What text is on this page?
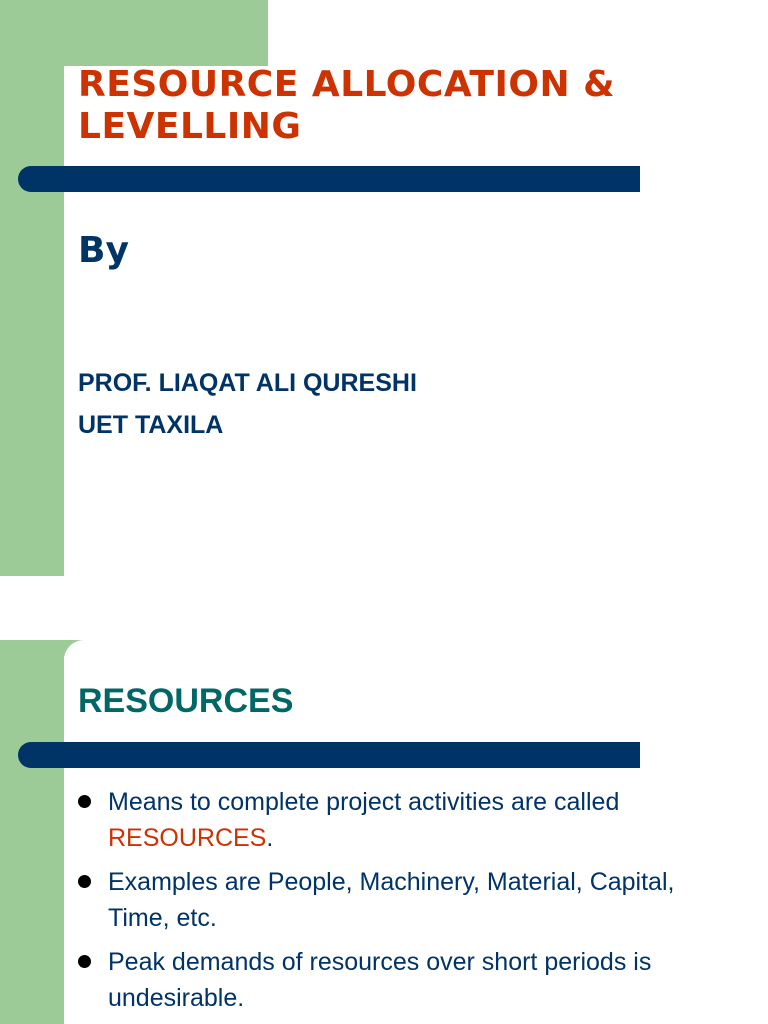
RESOURCE ALLOCATION & LEVELLING

By

PROF. LIAQAT ALI QURESHI
UET TAXILA
RESOURCES
Means to complete project activities are called RESOURCES.
Examples are People, Machinery, Material, Capital, Time, etc.
Peak demands of resources over short periods is undesirable.
